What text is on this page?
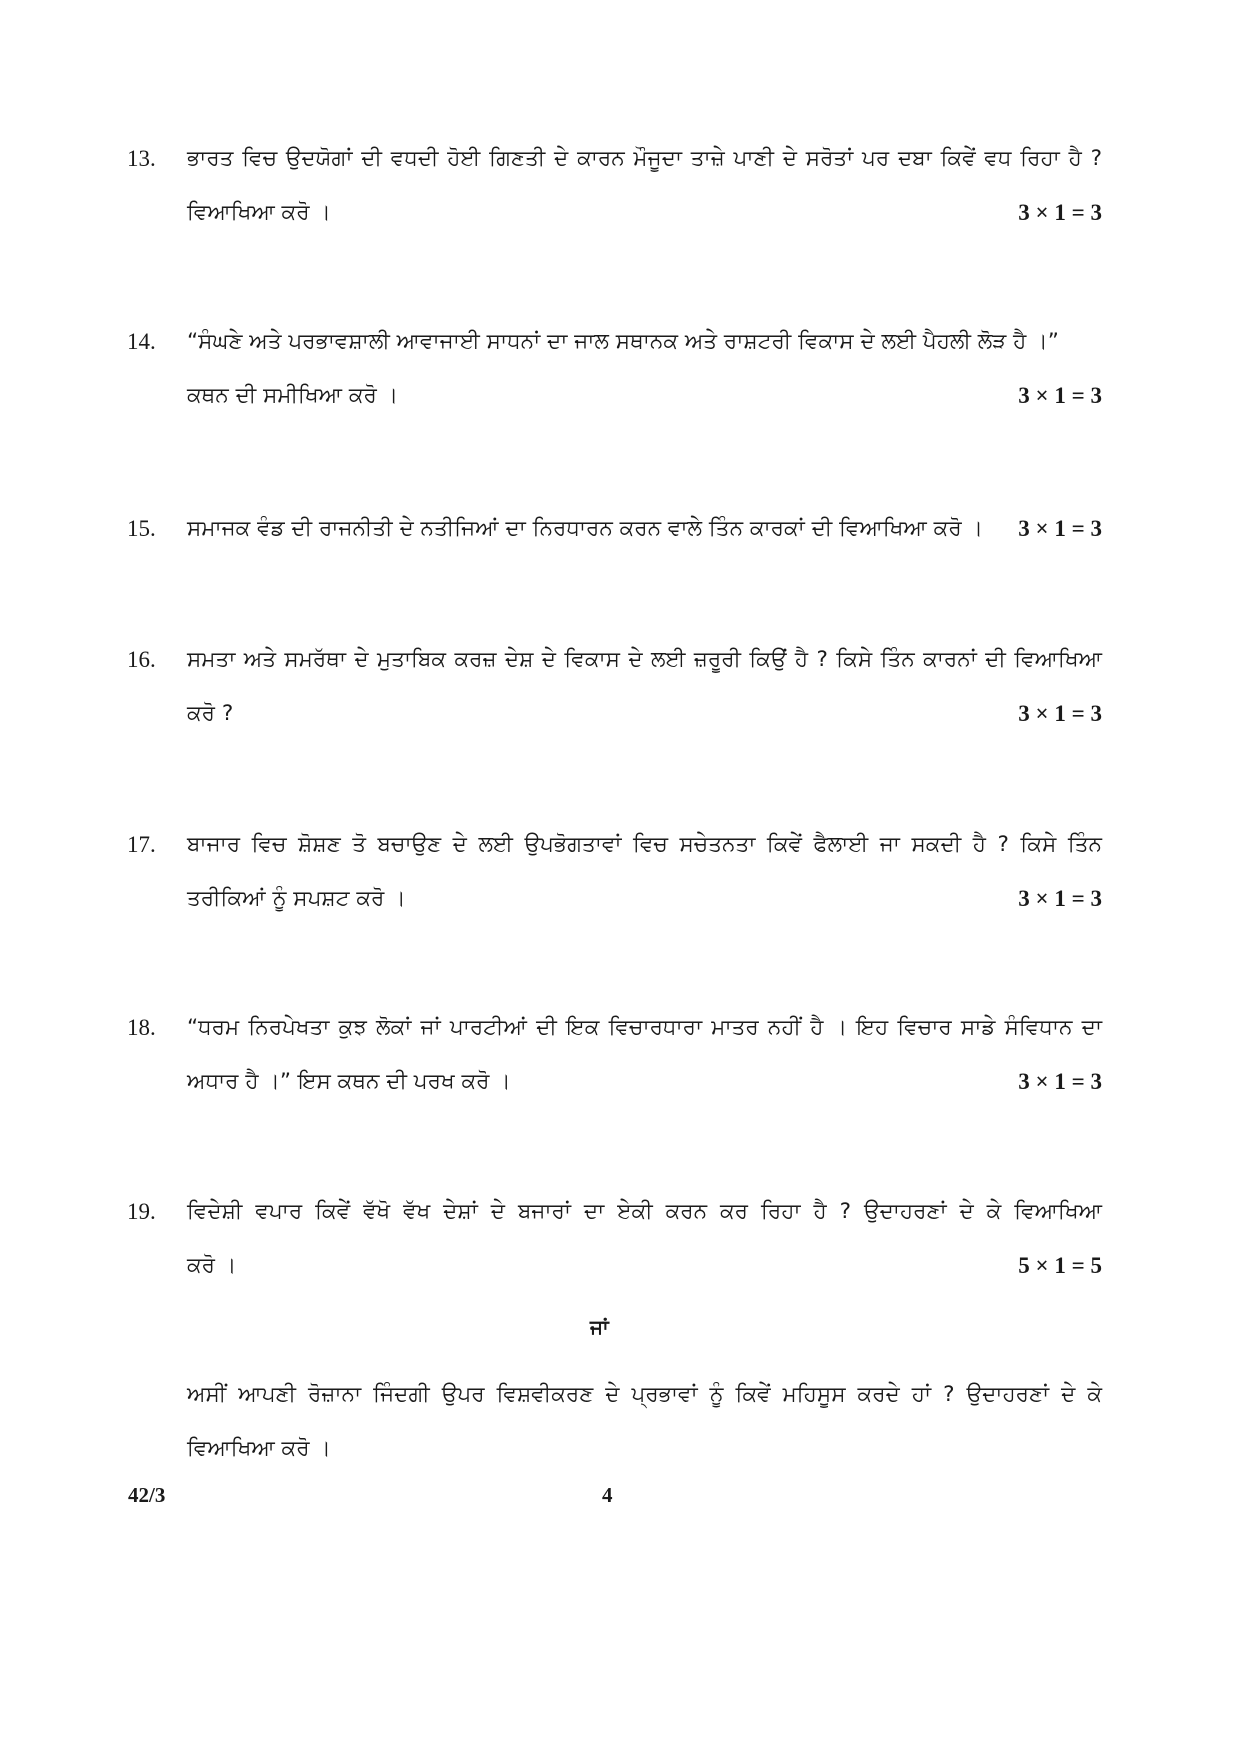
13. ਭਾਰਤ ਵਿਚ ਉਦਯੋਗਾਂ ਦੀ ਵਧਦੀ ਹੋਈ ਗਿਣਤੀ ਦੇ ਕਾਰਨ ਮੌਜੂਦਾ ਤਾਜ਼ੇ ਪਾਣੀ ਦੇ ਸਰੋਤਾਂ ਪਰ ਦਬਾ ਕਿਵੇਂ ਵਧ ਰਿਹਾ ਹੈ ?
ਵਿਆਖਿਆ ਕਰੋ ।	3 × 1 = 3
14. “ਸੰਘਣੇ ਅਤੇ ਪਰਭਾਵਸ਼ਾਲੀ ਆਵਾਜਾਈ ਸਾਧਨਾਂ ਦਾ ਜਾਲ ਸਥਾਨਕ ਅਤੇ ਰਾਸ਼ਟਰੀ ਵਿਕਾਸ ਦੇ ਲਈ ਪੈਹਲੀ ਲੋੜ ਹੈ ।”
ਕਥਨ ਦੀ ਸਮੀਖਿਆ ਕਰੋ ।	3 × 1 = 3
15. ਸਮਾਜਕ ਵੰਡ ਦੀ ਰਾਜਨੀਤੀ ਦੇ ਨਤੀਜਿਆਂ ਦਾ ਨਿਰਧਾਰਨ ਕਰਨ ਵਾਲੇ ਤਿੰਨ ਕਾਰਕਾਂ ਦੀ ਵਿਆਖਿਆ ਕਰੋ ।	3 × 1 = 3
16. ਸਮਤਾ ਅਤੇ ਸਮਰੱਥਾ ਦੇ ਮੁਤਾਬਿਕ ਕਰਜ਼ ਦੇਸ਼ ਦੇ ਵਿਕਾਸ ਦੇ ਲਈ ਜ਼ਰੂਰੀ ਕਿਉਂ ਹੈ ? ਕਿਸੇ ਤਿੰਨ ਕਾਰਨਾਂ ਦੀ ਵਿਆਖਿਆ
ਕਰੋ ?	3 × 1 = 3
17. ਬਾਜਾਰ ਵਿਚ ਸ਼ੋਸ਼ਣ ਤੋ ਬਚਾਉਣ ਦੇ ਲਈ ਉਪਭੋਗਤਾਵਾਂ ਵਿਚ ਸਚੇਤਨਤਾ ਕਿਵੇਂ ਫੈਲਾਈ ਜਾ ਸਕਦੀ ਹੈ ? ਕਿਸੇ ਤਿੰਨ
ਤਰੀਕਿਆਂ ਨੂੰ ਸਪਸ਼ਟ ਕਰੋ ।	3 × 1 = 3
18. “ਧਰਮ ਨਿਰਪੇਖਤਾ ਕੁਝ ਲੋਕਾਂ ਜਾਂ ਪਾਰਟੀਆਂ ਦੀ ਇਕ ਵਿਚਾਰਧਾਰਾ ਮਾਤਰ ਨਹੀਂ ਹੈ । ਇਹ ਵਿਚਾਰ ਸਾਡੇ ਸੰਵਿਧਾਨ ਦਾ
ਅਧਾਰ ਹੈ ।” ਇਸ ਕਥਨ ਦੀ ਪਰਖ ਕਰੋ ।	3 × 1 = 3
19. ਵਿਦੇਸ਼ੀ ਵਪਾਰ ਕਿਵੇਂ ਵੱਖੋ ਵੱਖ ਦੇਸ਼ਾਂ ਦੇ ਬਜਾਰਾਂ ਦਾ ਏਕੀ ਕਰਨ ਕਰ ਰਿਹਾ ਹੈ ? ਉਦਾਹਰਣਾਂ ਦੇ ਕੇ ਵਿਆਖਿਆ
ਕਰੋ ।	5 × 1 = 5
ਜਾਂ
ਅਸੀਂ ਆਪਣੀ ਰੋਜ਼ਾਨਾ ਜਿੰਦਗੀ ਉਪਰ ਵਿਸ਼ਵੀਕਰਣ ਦੇ ਪ੍ਰਭਾਵਾਂ ਨੂੰ ਕਿਵੇਂ ਮਹਿਸੂਸ ਕਰਦੇ ਹਾਂ ? ਉਦਾਹਰਣਾਂ ਦੇ ਕੇ
ਵਿਆਖਿਆ ਕਰੋ ।
42/3	4
